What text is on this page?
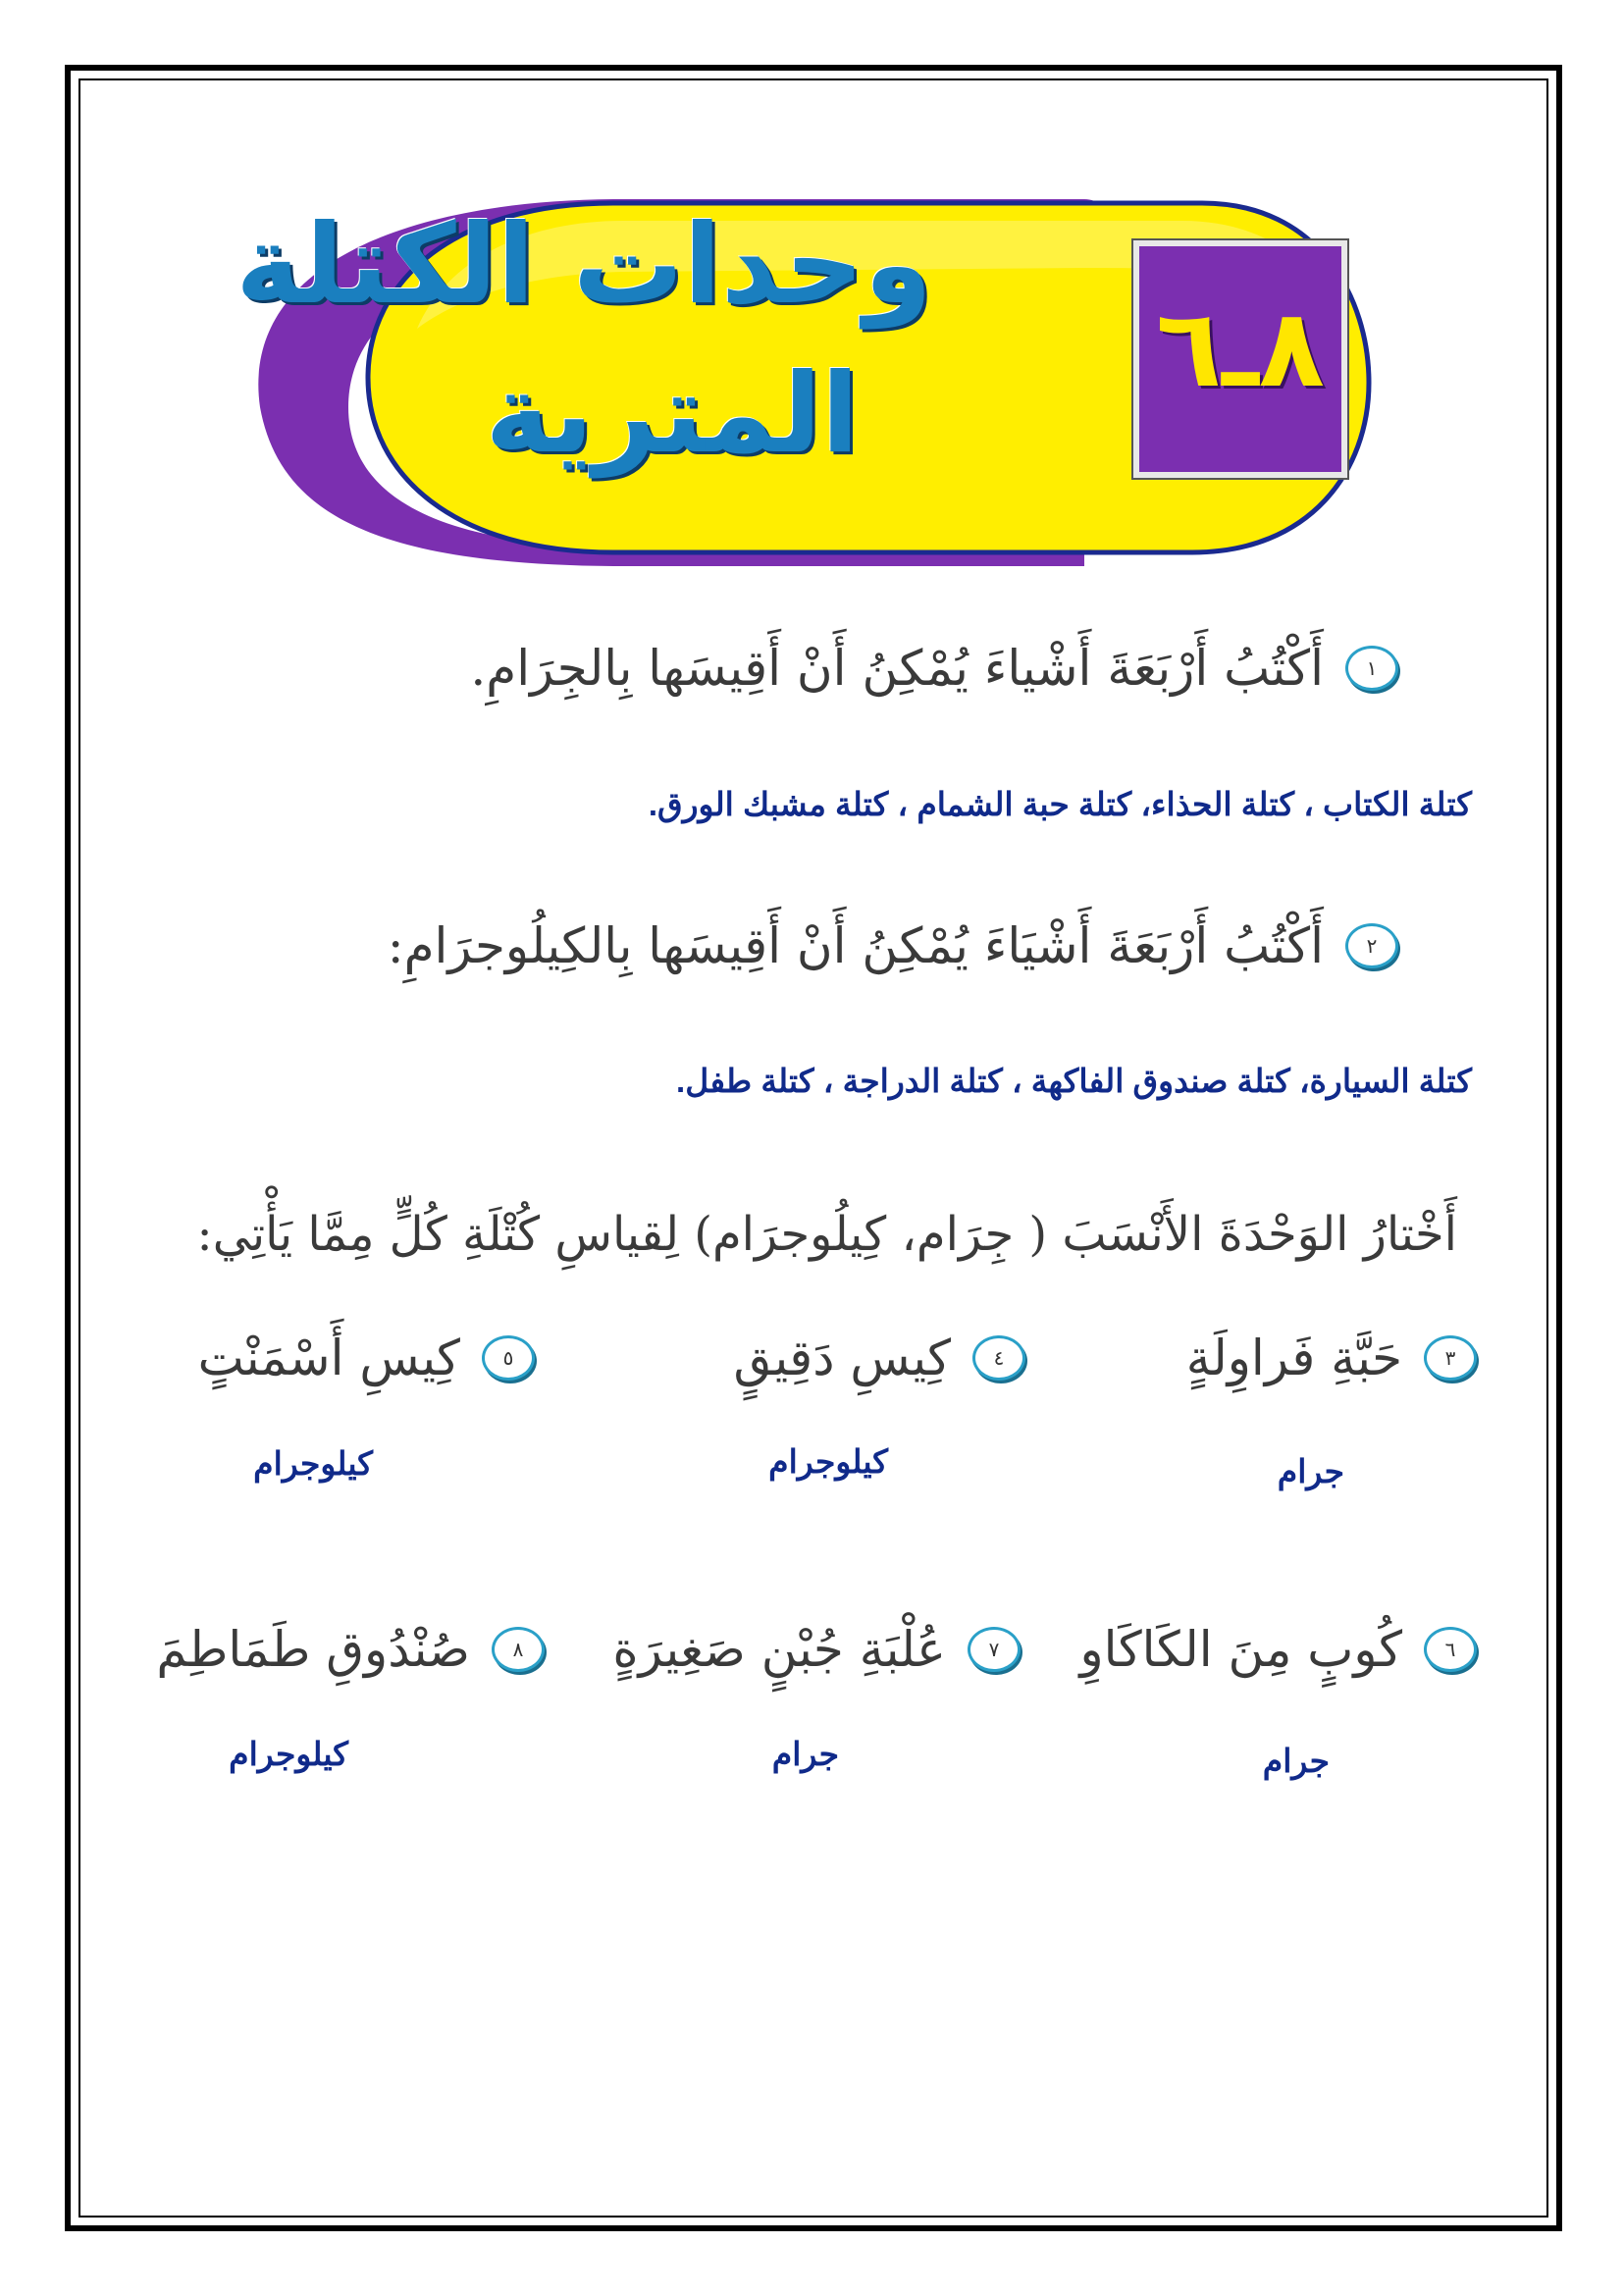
وحدات الكتلة
المترية
٨ـ٦
١
أَكْتُبُ أَرْبَعَةَ أَشْياءَ يُمْكِنُ أَنْ أَقِيسَها بِالجِرَامِ.
كتلة الكتاب ، كتلة الحذاء، كتلة حبة الشمام ، كتلة مشبك الورق.
٢
أَكْتُبُ أَرْبَعَةَ أَشْيَاءَ يُمْكِنُ أَنْ أَقِيسَها بِالكِيلُوجرَامِ:
كتلة السيارة، كتلة صندوق الفاكهة ، كتلة الدراجة ، كتلة طفل.
أَخْتارُ الوَحْدَةَ الأَنْسَبَ ( جِرَام، كِيلُوجرَام) لِقياسِ كُتْلَةِ كُلٍّ مِمَّا يَأْتِي:
٣
حَبَّةِ فَراوِلَةٍ
٤
كِيسِ دَقِيقٍ
٥
كِيسِ أَسْمَنْتٍ
جرام
كيلوجرام
كيلوجرام
٦
كُوبٍ مِنَ الكَاكَاوِ
٧
عُلْبَةِ جُبْنٍ صَغِيرَةٍ
٨
صُنْدُوقِ طَمَاطِمَ
جرام
جرام
كيلوجرام
